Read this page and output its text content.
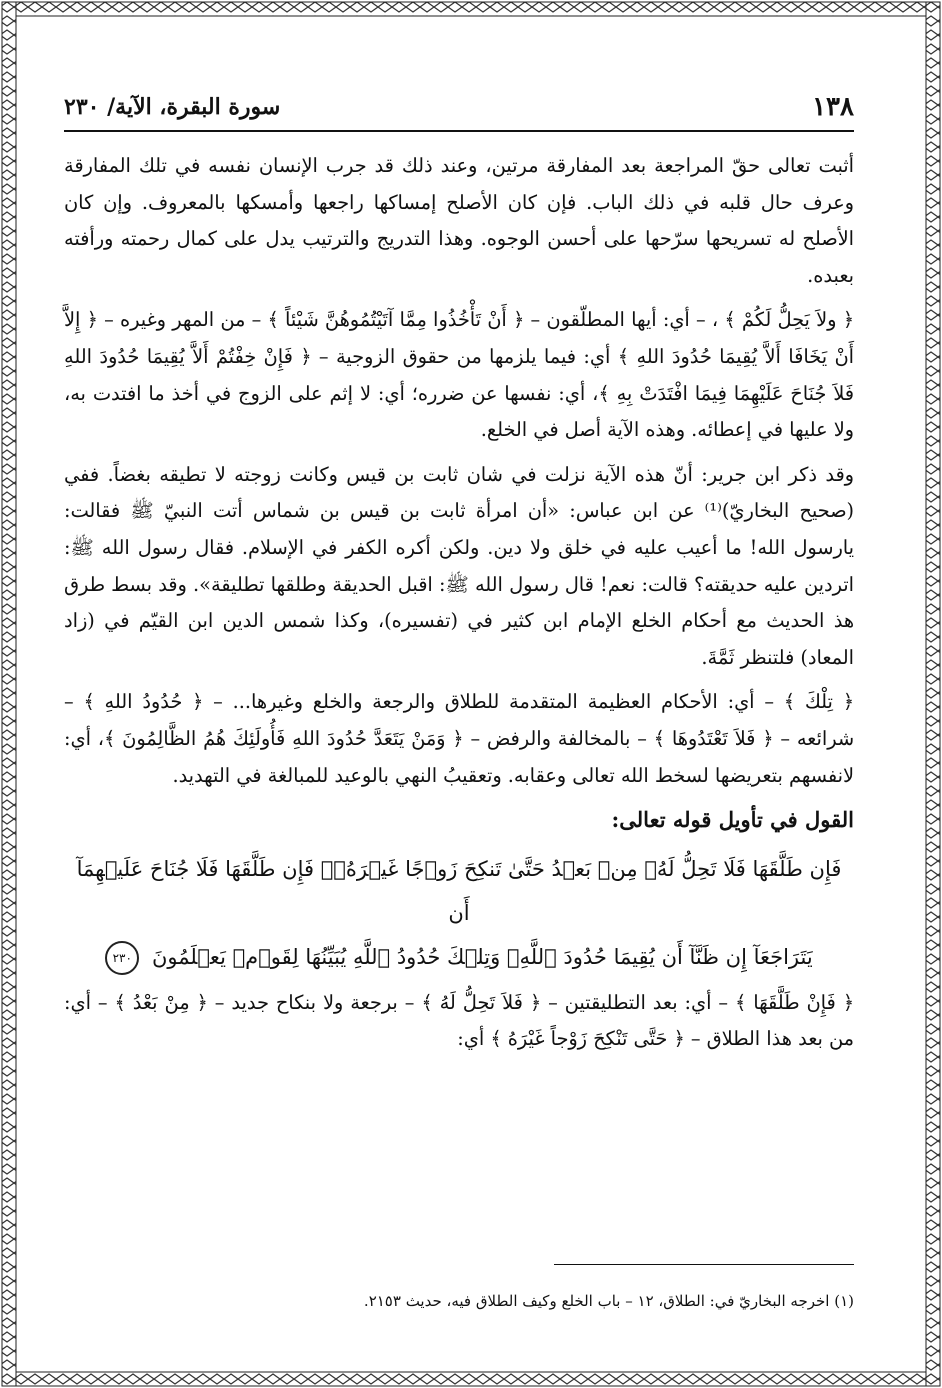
١٣٨
سورة البقرة، الآية/ ٢٣٠

أثبت تعالى حقّ المراجعة بعد المفارقة مرتين، وعند ذلك قد جرب الإنسان نفسه في تلك المفارقة وعرف حال قلبه في ذلك الباب. فإن كان الأصلح إمساكها راجعها وأمسكها بالمعروف. وإن كان الأصلح له تسريحها سرّحها على أحسن الوجوه. وهذا التدريج والترتيب يدل على كمال رحمته ورأفته بعبده.

﴿ ولاَ يَحِلُّ لَكُمْ ﴾ ، – أي: أيها المطلّقون – ﴿ أَنْ تَأْخُذُوا مِمَّا آتَيْتُمُوهُنَّ شَيْئاً ﴾ – من المهر وغيره – ﴿ إِلاَّ أَنْ يَخَافَا أَلاَّ يُقِيمَا حُدُودَ اللهِ ﴾ أي: فيما يلزمها من حقوق الزوجية – ﴿ فَإِنْ خِفْتُمْ أَلاَّ يُقِيمَا حُدُودَ اللهِ فَلاَ جُنَاحَ عَلَيْهِمَا فِيمَا افْتَدَتْ بِهِ ﴾، أي: نفسها عن ضرره؛ أي: لا إثم على الزوج في أخذ ما افتدت به، ولا عليها في إعطائه. وهذه الآية أصل في الخلع.

وقد ذكر ابن جرير: أنّ هذه الآية نزلت في شان ثابت بن قيس وكانت زوجته لا تطيقه بغضاً. ففي (صحيح البخاريّ)⁽¹⁾ عن ابن عباس: «أن امرأة ثابت بن قيس بن شماس أتت النبيّ ﷺ فقالت: يارسول الله! ما أعيب عليه في خلق ولا دين. ولكن أكره الكفر في الإسلام. فقال رسول الله ﷺ: اتردين عليه حديقته؟ قالت: نعم! قال رسول الله ﷺ: اقبل الحديقة وطلقها تطليقة». وقد بسط طرق هذ الحديث مع أحكام الخلع الإمام ابن كثير في (تفسيره)، وكذا شمس الدين ابن القيّم في (زاد المعاد) فلتنظر ثَمَّةَ.

﴿ تِلْكَ ﴾ – أي: الأحكام العظيمة المتقدمة للطلاق والرجعة والخلع وغيرها... – ﴿ حُدُودُ اللهِ ﴾ – شرائعه – ﴿ فَلاَ تَعْتَدُوهَا ﴾ – بالمخالفة والرفض – ﴿ وَمَنْ يَتَعَدَّ حُدُودَ اللهِ فَأُولَئِكَ هُمُ الظَّالِمُونَ ﴾، أي: لانفسهم بتعريضها لسخط الله تعالى وعقابه. وتعقيبُ النهي بالوعيد للمبالغة في التهديد.

القول في تأويل قوله تعالى:

فَإِن طَلَّقَهَا فَلَا تَحِلُّ لَهُۥ مِنۢ بَعۡدُ حَتَّىٰ تَنكِحَ زَوۡجًا غَيۡرَهُۥۗ فَإِن طَلَّقَهَا فَلَا جُنَاحَ عَلَيۡهِمَآ أَن
يَتَرَاجَعَآ إِن ظَنَّآ أَن يُقِيمَا حُدُودَ ٱللَّهِۗ وَتِلۡكَ حُدُودُ ٱللَّهِ يُبَيِّنُهَا لِقَوۡمٖ يَعۡلَمُونَ ٢٣٠

﴿ فَإِنْ طَلَّقَهَا ﴾ – أي: بعد التطليقتين – ﴿ فَلاَ تَحِلُّ لَهُ ﴾ – برجعة ولا بنكاح جديد – ﴿ مِنْ بَعْدُ ﴾ – أي: من بعد هذا الطلاق – ﴿ حَتَّى تَنْكِحَ زَوْجاً غَيْرَهُ ﴾ أي:

(١) اخرجه البخاريّ في: الطلاق، ١٢ – باب الخلع وكيف الطلاق فيه، حديث ٢١٥٣.
